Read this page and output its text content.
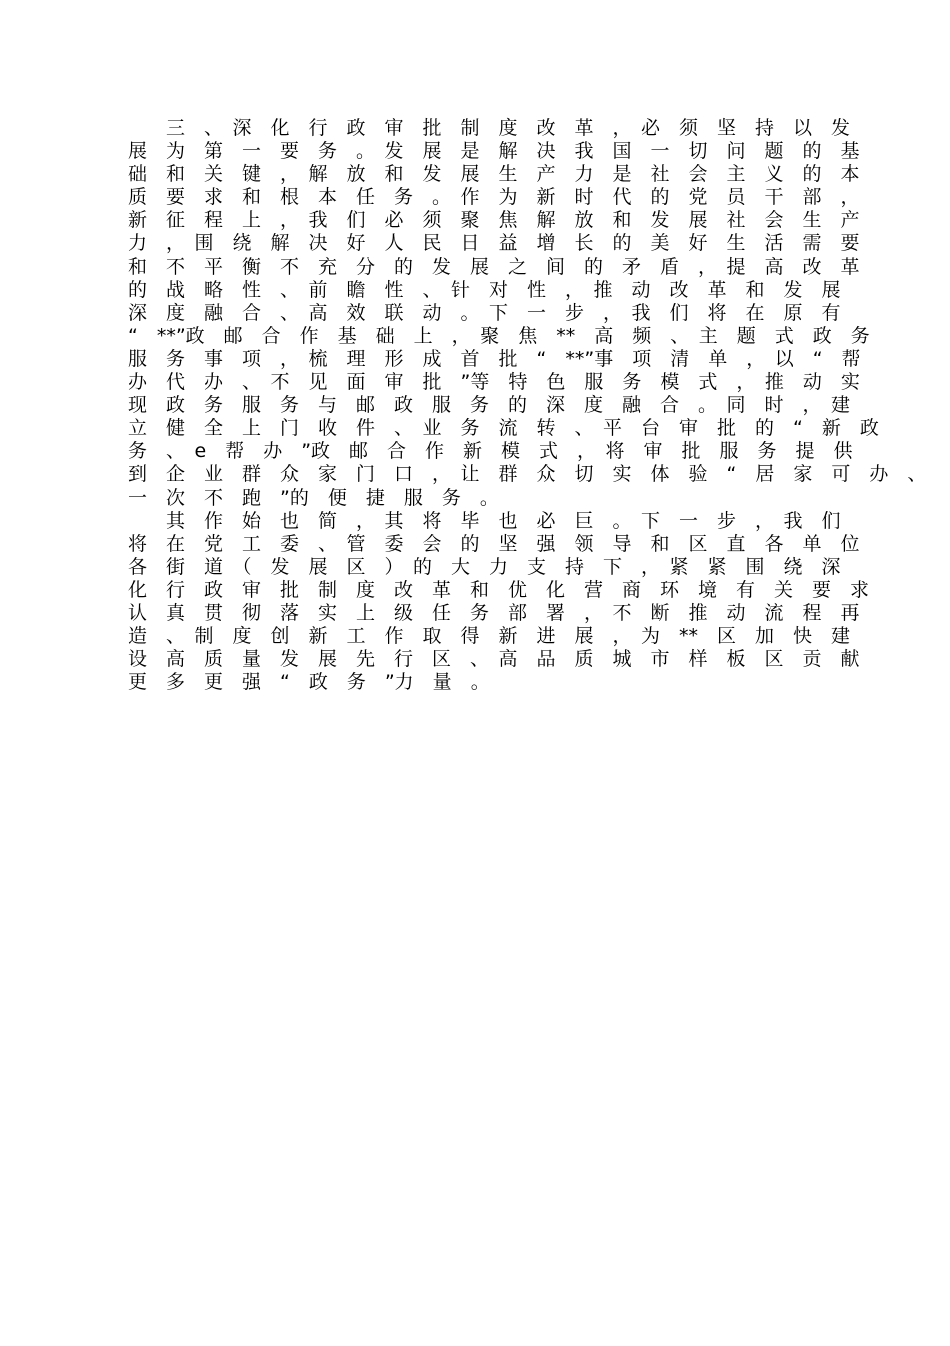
　　三　、　深　化　行　政　审　批　制　度　改　革　，　必　须　坚　持　以　发
展　为　第　一　要　务　。　发　展　是　解　决　我　国　一　切　问　题　的　基
础　和　关　键　，　解　放　和　发　展　生　产　力　是　社　会　主　义　的　本
质　要　求　和　根　本　任　务　。　作　为　新　时　代　的　党　员　干　部　，
新　征　程　上　，　我　们　必　须　聚　焦　解　放　和　发　展　社　会　生　产
力　，　围　绕　解　决　好　人　民　日　益　增　长　的　美　好　生　活　需　要
和　不　平　衡　不　充　分　的　发　展　之　间　的　矛　盾　，　提　高　改　革
的　战　略　性　、　前　瞻　性　、　针　对　性　，　推　动　改　革　和　发　展
深　度　融　合　、　高　效　联　动　。　下　一　步　，　我　们　将　在　原　有
“　**”政　邮　合　作　基　础　上　，　聚　焦　**　高　频　、　主　题　式　政　务
服　务　事　项　，　梳　理　形　成　首　批　“　**”事　项　清　单　，　以　“　帮
办　代　办　、　不　见　面　审　批　”等　特　色　服　务　模　式　，　推　动　实
现　政　务　服　务　与　邮　政　服　务　的　深　度　融　合　。　同　时　，　建
立　健　全　上　门　收　件　、　业　务　流　转　、　平　台　审　批　的　“　新　政
务　、　e　帮　办　”政　邮　合　作　新　模　式　，　将　审　批　服　务　提　供
到　企　业　群　众　家　门　口　，　让　群　众　切　实　体　验　“　居　家　可　办　、
一　次　不　跑　”的　便　捷　服　务　。
　　其　作　始　也　简　，　其　将　毕　也　必　巨　。　下　一　步　，　我　们
将　在　党　工　委　、　管　委　会　的　坚　强　领　导　和　区　直　各　单　位
各　街　道　（　发　展　区　）　的　大　力　支　持　下　，　紧　紧　围　绕　深
化　行　政　审　批　制　度　改　革　和　优　化　营　商　环　境　有　关　要　求
认　真　贯　彻　落　实　上　级　任　务　部　署　，　不　断　推　动　流　程　再
造　、　制　度　创　新　工　作　取　得　新　进　展　，　为　**　区　加　快　建
设　高　质　量　发　展　先　行　区　、　高　品　质　城　市　样　板　区　贡　献
更　多　更　强　“　政　务　”力　量　。
